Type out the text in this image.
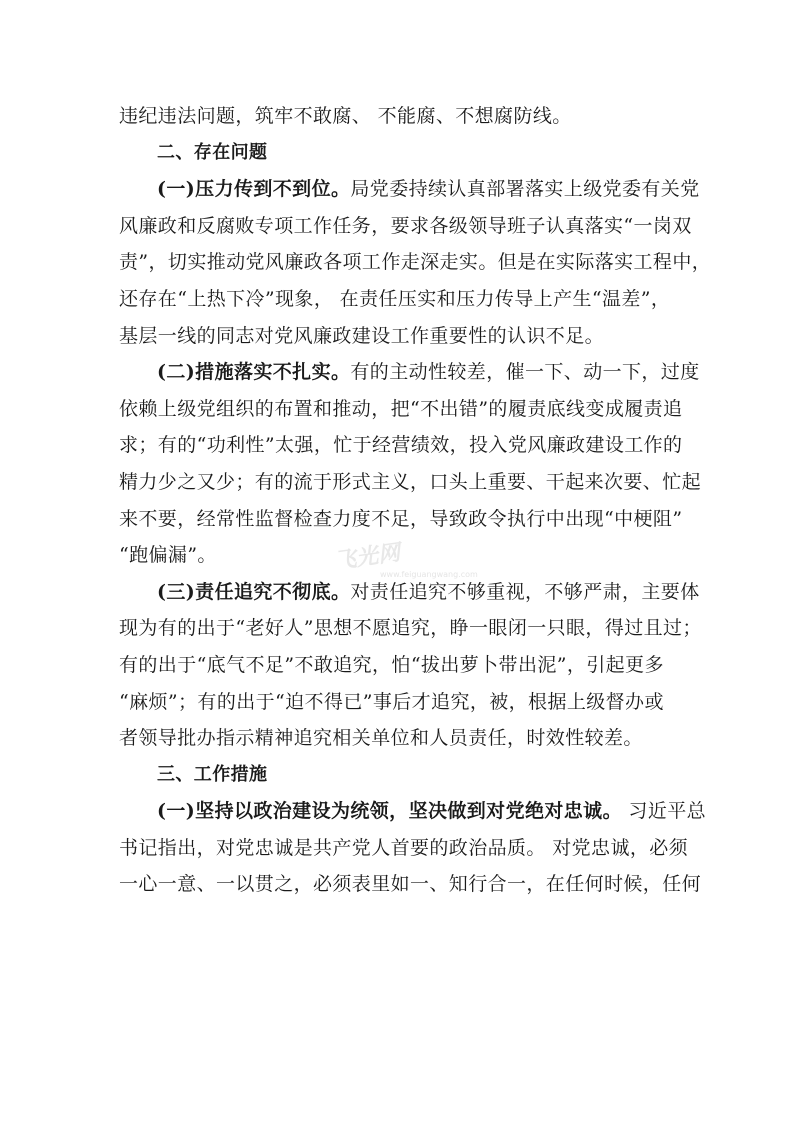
违纪违法问题，筑牢不敢腐、 不能腐、不想腐防线。
二、存在问题
(一)压力传到不到位。局党委持续认真部署落实上级党委有关党
风廉政和反腐败专项工作任务，要求各级领导班子认真落实“一岗双
责”，切实推动党风廉政各项工作走深走实。但是在实际落实工程中，
还存在“上热下冷”现象， 在责任压实和压力传导上产生“温差”，
基层一线的同志对党风廉政建设工作重要性的认识不足。
(二)措施落实不扎实。有的主动性较差，催一下、动一下，过度
依赖上级党组织的布置和推动，把“不出错”的履责底线变成履责追
求；有的“功利性”太强，忙于经营绩效，投入党风廉政建设工作的
精力少之又少；有的流于形式主义，口头上重要、干起来次要、忙起
来不要，经常性监督检查力度不足，导致政令执行中出现“中梗阻”
“跑偏漏”。
(三)责任追究不彻底。对责任追究不够重视，不够严肃，主要体
现为有的出于“老好人”思想不愿追究，睁一眼闭一只眼，得过且过；
有的出于“底气不足”不敢追究，怕“拔出萝卜带出泥”，引起更多
“麻烦”；有的出于“迫不得已”事后才追究，被，根据上级督办或
者领导批办指示精神追究相关单位和人员责任，时效性较差。
三、工作措施
(一)坚持以政治建设为统领，坚决做到对党绝对忠诚。 习近平总
书记指出，对党忠诚是共产党人首要的政治品质。 对党忠诚，必须
一心一意、一以贯之，必须表里如一、知行合一，在任何时候，任何
飞光网
www.feiguangwang.com
